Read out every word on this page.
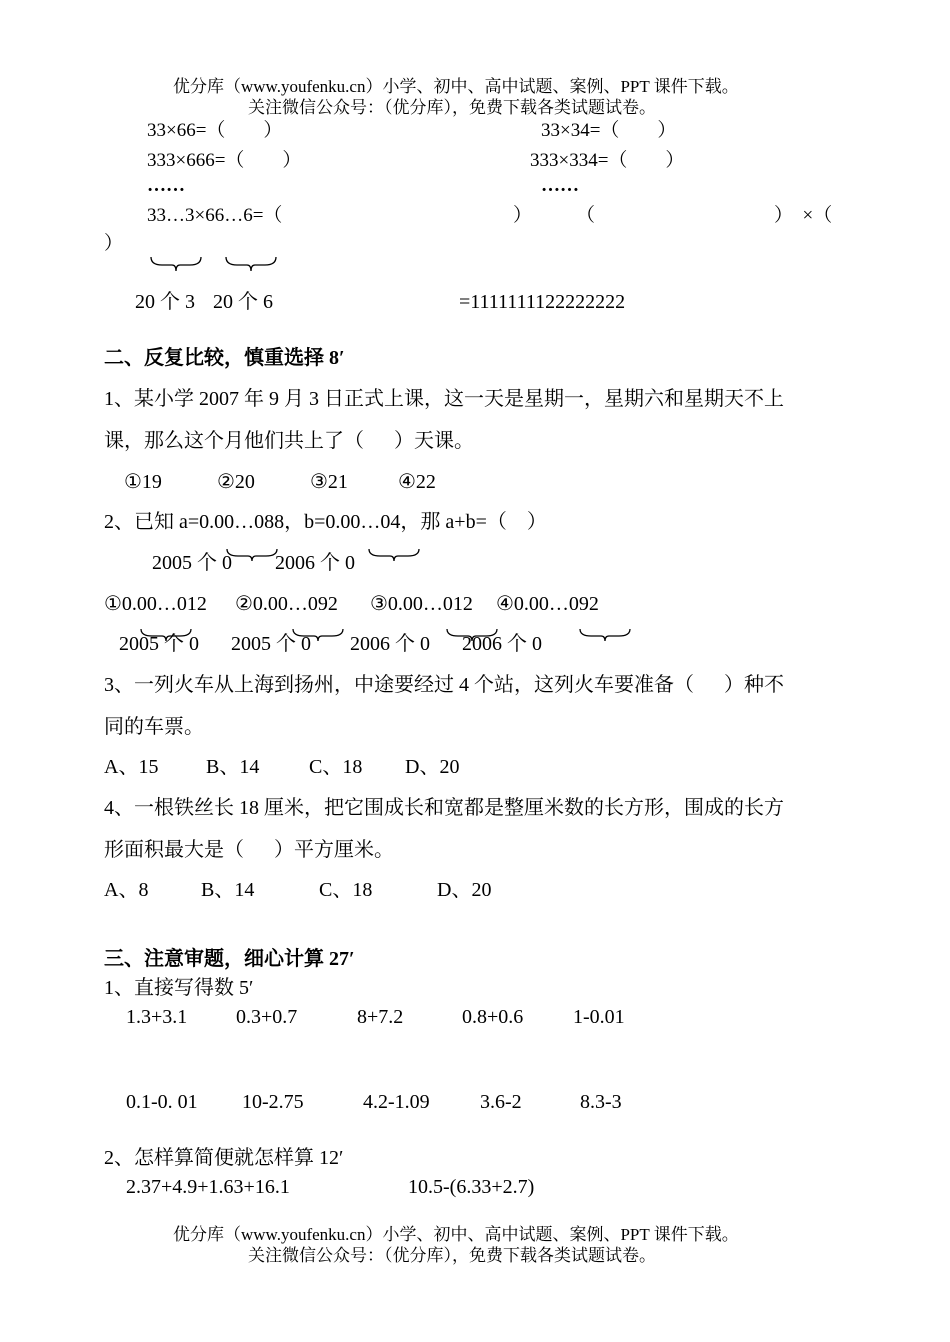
优分库（www.youfenku.cn）小学、初中、高中试题、案例、PPT 课件下载。
关注微信公众号：（优分库），免费下载各类试题试卷。
33×66=（        ）	33×34=（        ）
333×666=（        ）	333×334=（        ）
……	……
33…3×66…6=（	） （	）  ×（
）
20 个 3 20 个 6	=1111111122222222
二、反复比较，慎重选择 8′
1、某小学 2007 年 9 月 3 日正式上课，这一天是星期一，星期六和星期天不上
课，那么这个月他们共上了（      ）天课。
①19	②20	③21	④22
2、已知 a=0.00…088，b=0.00…04，那 a+b=（    ）
2005 个 0 2006 个 0
①0.00…012 ②0.00…092 ③0.00…012 ④0.00…092
2005 个 0 2005 个 0 2006 个 0 2006 个 0
3、一列火车从上海到扬州，中途要经过 4 个站，这列火车要准备（      ）种不
同的车票。
A、15 B、14 C、18 D、20
4、一根铁丝长 18 厘米，把它围成长和宽都是整厘米数的长方形，围成的长方
形面积最大是（      ）平方厘米。
A、8	B、14	C、18	D、20
三、注意审题，细心计算 27′
1、直接写得数 5′
1.3+3.1 0.3+0.7	8+7.2	0.8+0.6 1-0.01
0.1-0. 01 10-2.75	4.2-1.09	3.6-2	8.3-3
2、怎样算简便就怎样算 12′
2.37+4.9+1.63+16.1	10.5-(6.33+2.7)
优分库（www.youfenku.cn）小学、初中、高中试题、案例、PPT 课件下载。
关注微信公众号：（优分库），免费下载各类试题试卷。
